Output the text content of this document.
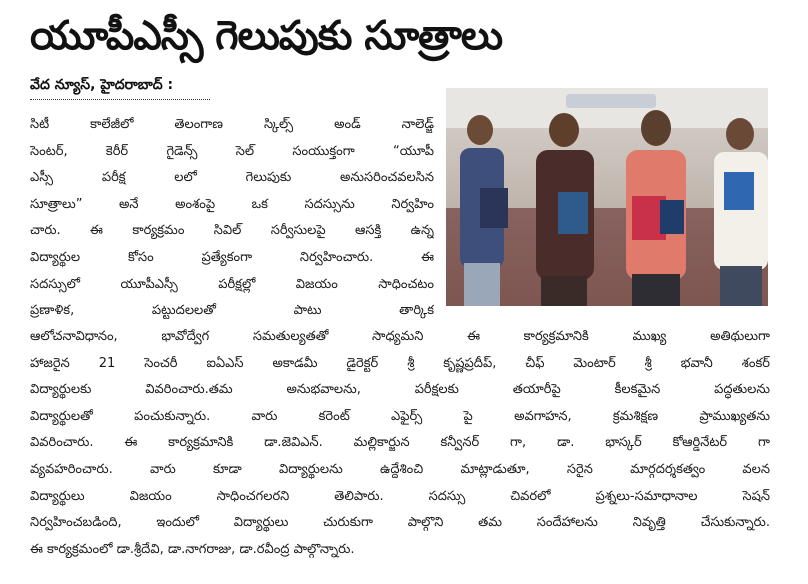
యూపీఎస్సీ గెలుపుకు సూత్రాలు
వేద న్యూస్, హైదరాబాద్ :
సిటీ కాలేజీలో తెలంగాణ స్కిల్స్ అండ్ నాలెడ్జ్
సెంటర్, కెరీర్ గైడెన్స్ సెల్ సంయుక్తంగా “యూపీ
ఎస్సీ పరీక్ష లలో గెలుపుకు అనుసరించవలసిన
సూత్రాలు” అనే అంశంపై ఒక సదస్సును నిర్వహిం
చారు. ఈ కార్యక్రమం సివిల్ సర్వీసులపై ఆసక్తి ఉన్న
విద్యార్థుల కోసం ప్రత్యేకంగా నిర్వహించారు. ఈ
సదస్సులో యూపీఎస్సీ పరీక్షల్లో విజయం సాధించటం
ప్రణాళిక, పట్టుదలలతో పాటు తార్కిక
ఆలోచనావిధానం, భావోద్వేగ సమతుల్యతతో సాధ్యమని ఈ కార్యక్రమానికి ముఖ్య అతిథులుగా
హాజరైన 21 సెంచరీ ఐఏఎస్ అకాడమీ డైరెక్టర్ శ్రీ కృష్ణప్రదీప్, చీఫ్ మెంటార్ శ్రీ భవానీ శంకర్
విద్యార్థులకు వివరించారు.తమ అనుభవాలను, పరీక్షలకు తయారీపై కీలకమైన పద్ధతులను
విద్యార్థులతో పంచుకున్నారు. వారు కరెంట్ ఎఫైర్స్ పై అవగాహన, క్రమశిక్షణ ప్రాముఖ్యతను
వివరించారు. ఈ కార్యక్రమానికి డా.జెవిఎన్. మల్లికార్జున కన్వీనర్ గా, డా. భాస్కర్ కోఆర్డినేటర్ గా
వ్యవహరించారు. వారు కూడా విద్యార్థులను ఉద్దేశించి మాట్లాడుతూ, సరైన మార్గదర్శకత్వం వలన
విద్యార్థులు విజయం సాధించగలరని తెలిపారు. సదస్సు చివరలో ప్రశ్నలు-సమాధానాల సెషన్
నిర్వహించబడింది, ఇందులో విద్యార్థులు చురుకుగా పాల్గొని తమ సందేహాలను నివృత్తి చేసుకున్నారు.
ఈ కార్యక్రమంలో డా.శ్రీదేవి, డా.నాగరాజు, డా.రవీంద్ర పాల్గొన్నారు.
